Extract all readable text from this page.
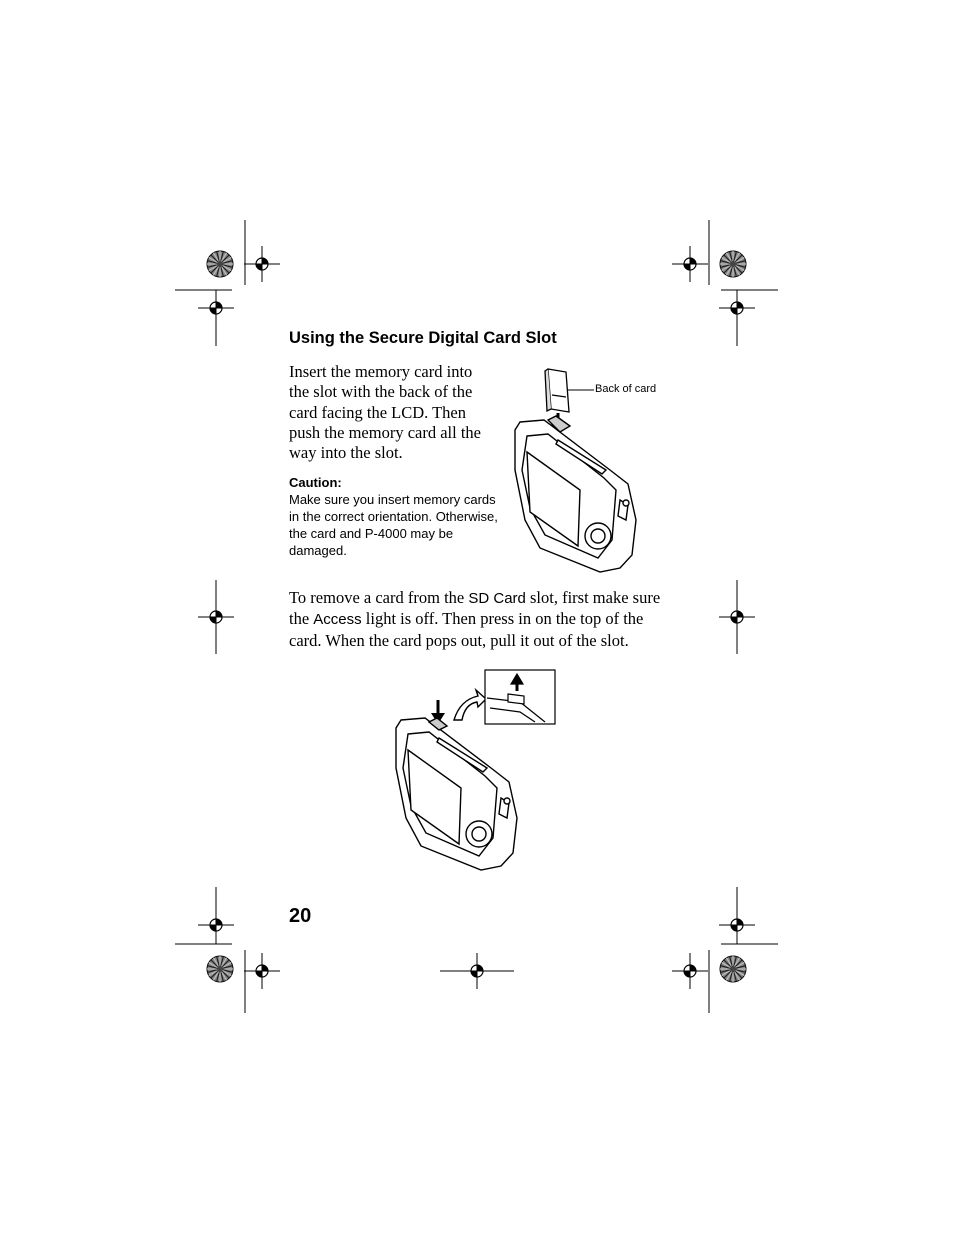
Using the Secure Digital Card Slot
Insert the memory card into the slot with the back of the card facing the LCD. Then push the memory card all the way into the slot.
Caution:
Make sure you insert memory cards in the correct orientation. Otherwise, the card and P-4000 may be damaged.
Back of card
To remove a card from the SD Card slot, first make sure the Access light is off. Then press in on the top of the card. When the card pops out, pull it out of the slot.
20
